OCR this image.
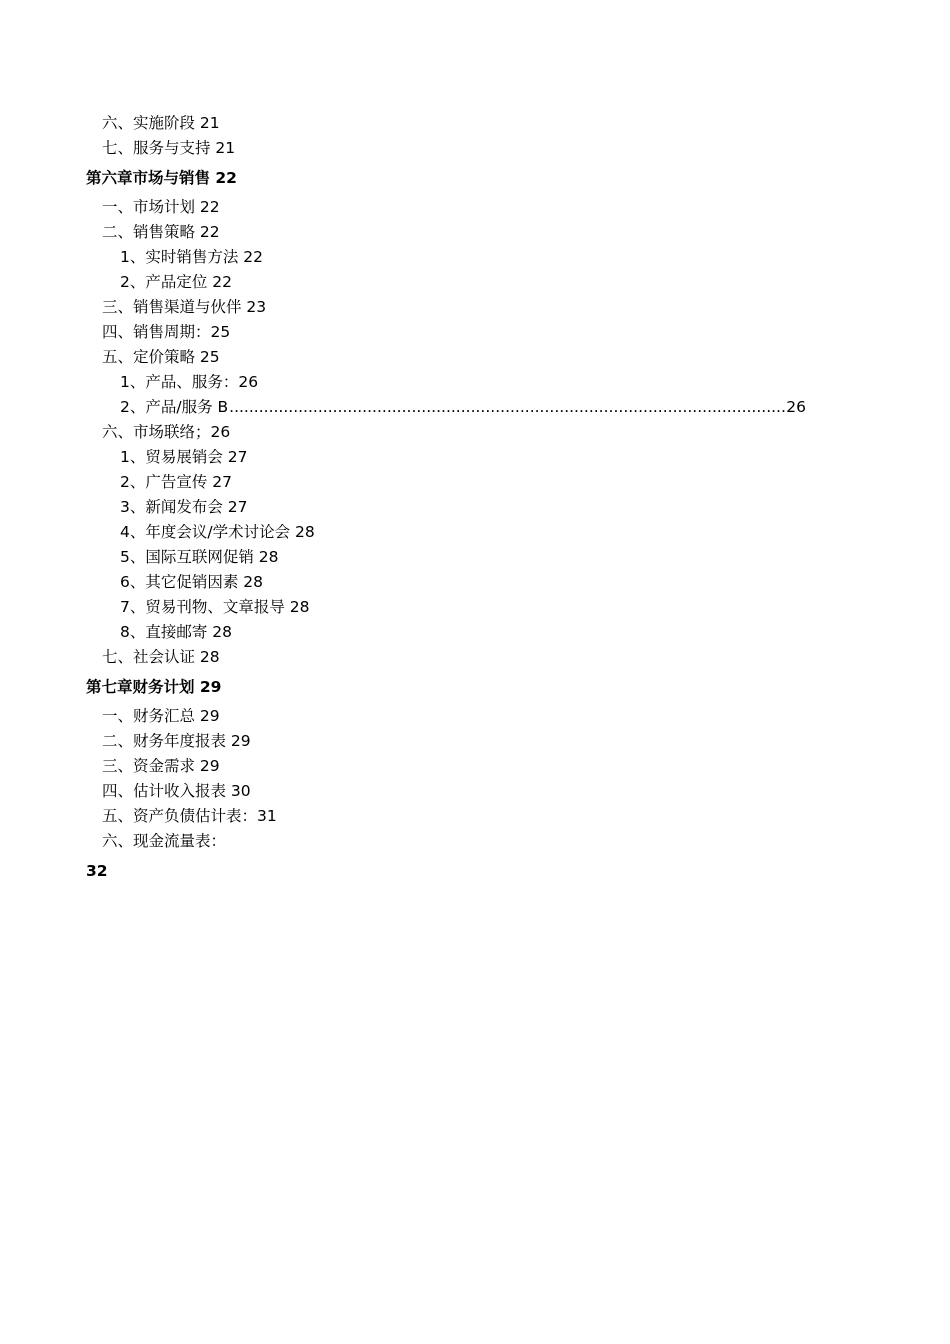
六、实施阶段 21
七、服务与支持 21
第六章市场与销售 22
一、市场计划 22
二、销售策略 22
1、实时销售方法 22
2、产品定位 22
三、销售渠道与伙伴 23
四、销售周期：25
五、定价策略 25
1、产品、服务：26
2、产品/服务 B
.....	26
六、市场联络；26
1、贸易展销会 27
2、广告宣传 27
3、新闻发布会 27
4、年度会议/学术讨论会 28
5、国际互联网促销 28
6、其它促销因素 28
7、贸易刊物、文章报导 28
8、直接邮寄 28
七、社会认证 28
第七章财务计划 29
一、财务汇总 29
二、财务年度报表 29
三、资金需求 29
四、估计收入报表 30
五、资产负债估计表：31
六、现金流量表：
32
